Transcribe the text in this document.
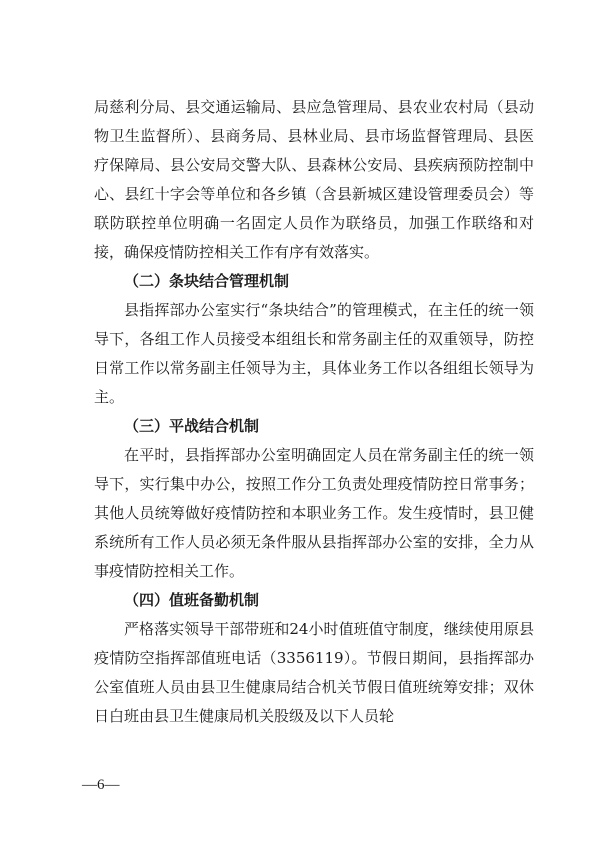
局慈利分局、县交通运输局、县应急管理局、县农业农村局（县动物卫生监督所）、县商务局、县林业局、县市场监督管理局、县医疗保障局、县公安局交警大队、县森林公安局、县疾病预防控制中心、县红十字会等单位和各乡镇（含县新城区建设管理委员会）等联防联控单位明确一名固定人员作为联络员，加强工作联络和对接，确保疫情防控相关工作有序有效落实。

（二）条块结合管理机制

县指挥部办公室实行“条块结合”的管理模式，在主任的统一领导下，各组工作人员接受本组组长和常务副主任的双重领导，防控日常工作以常务副主任领导为主，具体业务工作以各组组长领导为主。

（三）平战结合机制

在平时，县指挥部办公室明确固定人员在常务副主任的统一领导下，实行集中办公，按照工作分工负责处理疫情防控日常事务；其他人员统筹做好疫情防控和本职业务工作。发生疫情时，县卫健系统所有工作人员必须无条件服从县指挥部办公室的安排，全力从事疫情防控相关工作。

（四）值班备勤机制

严格落实领导干部带班和24小时值班值守制度，继续使用原县疫情防空指挥部值班电话（3356119）。节假日期间，县指挥部办公室值班人员由县卫生健康局结合机关节假日值班统筹安排；双休日白班由县卫生健康局机关股级及以下人员轮

—6—
